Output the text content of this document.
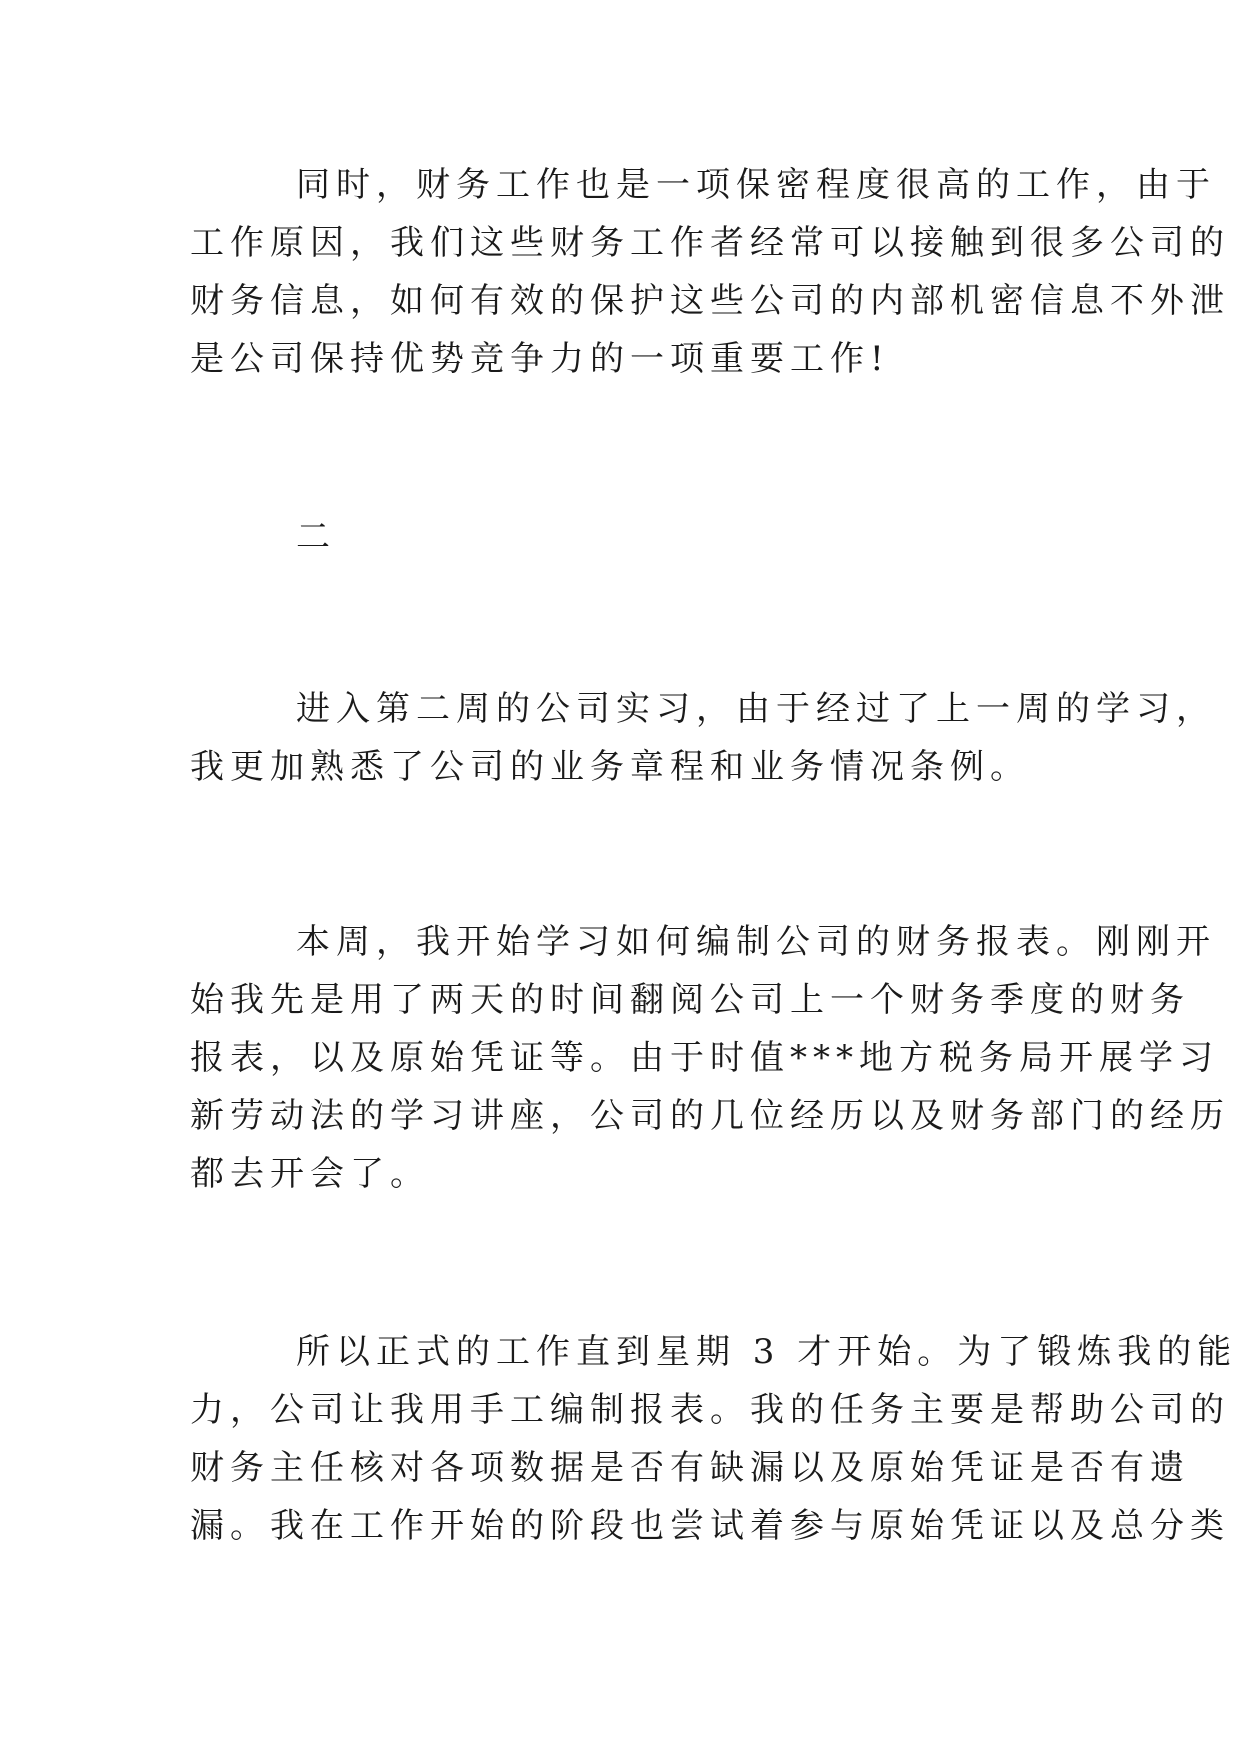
同时，财务工作也是一项保密程度很高的工作，由于
工作原因，我们这些财务工作者经常可以接触到很多公司的
财务信息，如何有效的保护这些公司的内部机密信息不外泄
是公司保持优势竞争力的一项重要工作!
二
进入第二周的公司实习，由于经过了上一周的学习，
我更加熟悉了公司的业务章程和业务情况条例。
本周，我开始学习如何编制公司的财务报表。刚刚开
始我先是用了两天的时间翻阅公司上一个财务季度的财务
报表，以及原始凭证等。由于时值***地方税务局开展学习
新劳动法的学习讲座，公司的几位经历以及财务部门的经历
都去开会了。
所以正式的工作直到星期 3 才开始。为了锻炼我的能
力，公司让我用手工编制报表。我的任务主要是帮助公司的
财务主任核对各项数据是否有缺漏以及原始凭证是否有遗
漏。我在工作开始的阶段也尝试着参与原始凭证以及总分类
